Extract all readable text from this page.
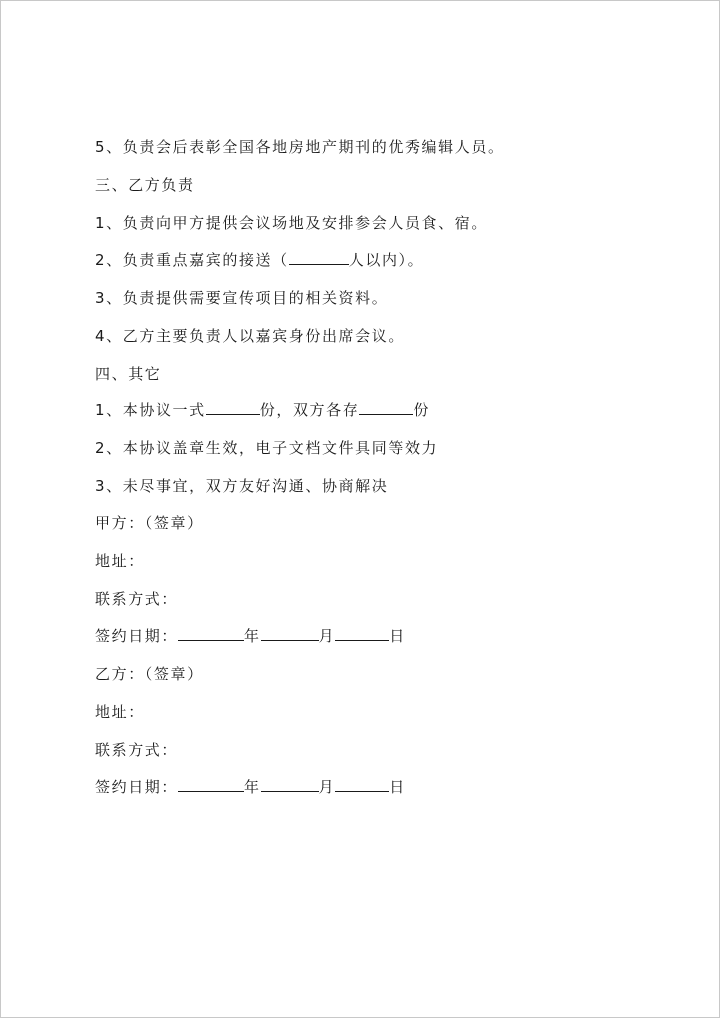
5、负责会后表彰全国各地房地产期刊的优秀编辑人员。
三、乙方负责
1、负责向甲方提供会议场地及安排参会人员食、宿。
2、负责重点嘉宾的接送（	人以内）。
3、负责提供需要宣传项目的相关资料。
4、乙方主要负责人以嘉宾身份出席会议。
四、其它
1、本协议一式	份，双方各存	份
2、本协议盖章生效，电子文档文件具同等效力
3、未尽事宜，双方友好沟通、协商解决
甲方：（签章）
地址：
联系方式：
签约日期：	年	月	日
乙方：（签章）
地址：
联系方式：
签约日期：	年	月	日
